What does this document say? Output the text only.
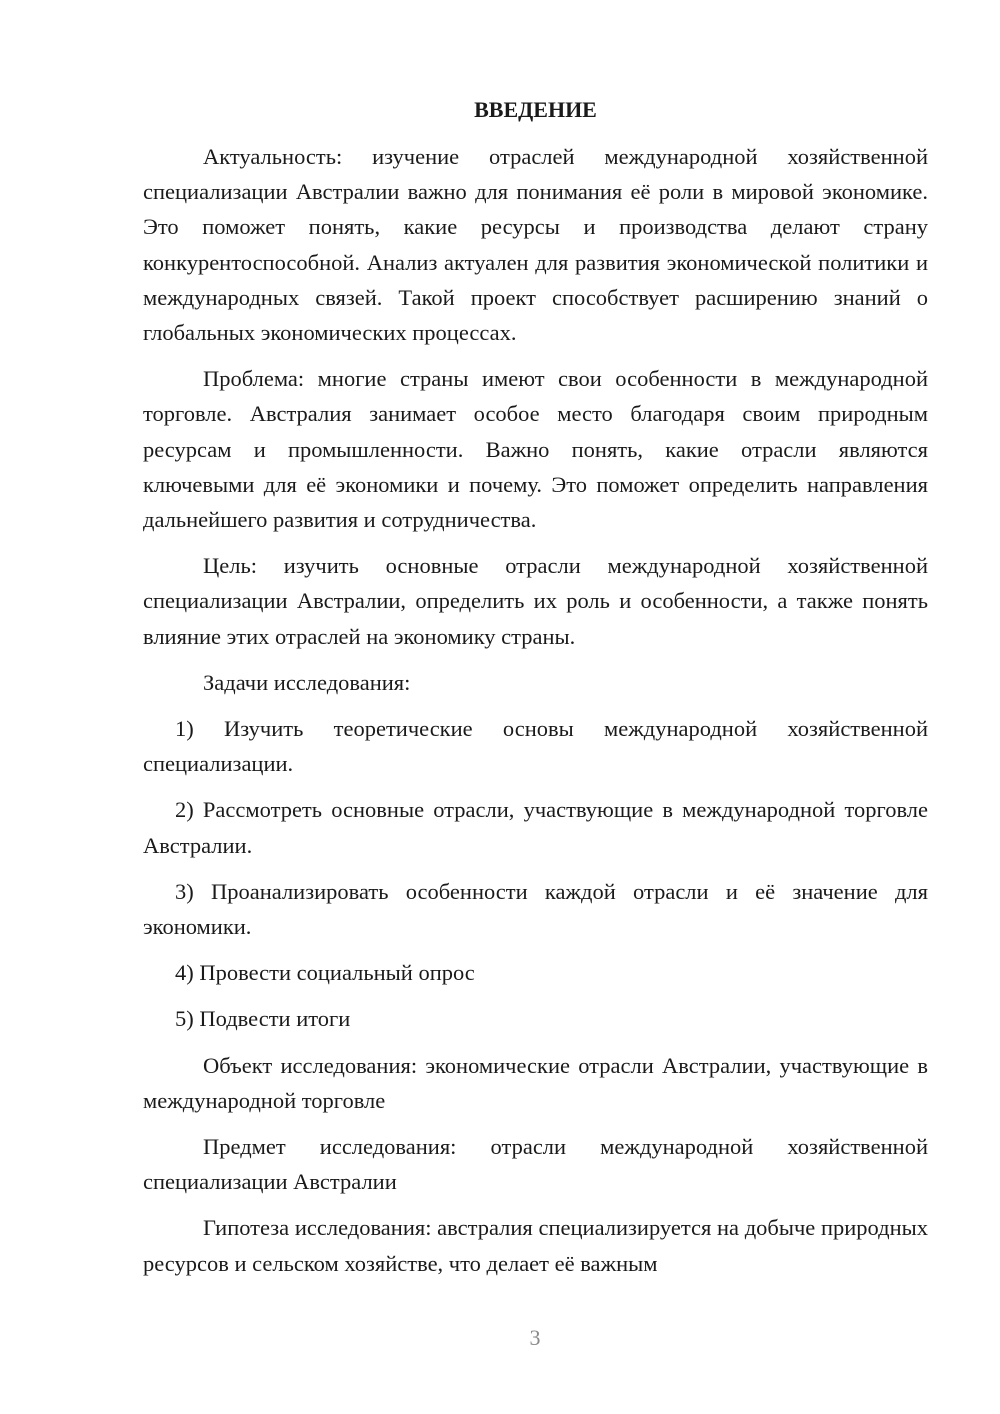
ВВЕДЕНИЕ

Актуальность: изучение отраслей международной хозяйственной специализации Австралии важно для понимания её роли в мировой экономике. Это поможет понять, какие ресурсы и производства делают страну конкурентоспособной. Анализ актуален для развития экономической политики и международных связей. Такой проект способствует расширению знаний о глобальных экономических процессах.

Проблема: многие страны имеют свои особенности в международной торговле. Австралия занимает особое место благодаря своим природным ресурсам и промышленности. Важно понять, какие отрасли являются ключевыми для её экономики и почему. Это поможет определить направления дальнейшего развития и сотрудничества.

Цель: изучить основные отрасли международной хозяйственной специализации Австралии, определить их роль и особенности, а также понять влияние этих отраслей на экономику страны.

Задачи исследования:

1) Изучить теоретические основы международной хозяйственной специализации.

2) Рассмотреть основные отрасли, участвующие в международной торговле Австралии.

3) Проанализировать особенности каждой отрасли и её значение для экономики.

4) Провести социальный опрос

5) Подвести итоги

Объект исследования: экономические отрасли Австралии, участвующие в международной торговле

Предмет исследования: отрасли международной хозяйственной специализации Австралии

Гипотеза исследования: австралия специализируется на добыче природных ресурсов и сельском хозяйстве, что делает её важным

3
